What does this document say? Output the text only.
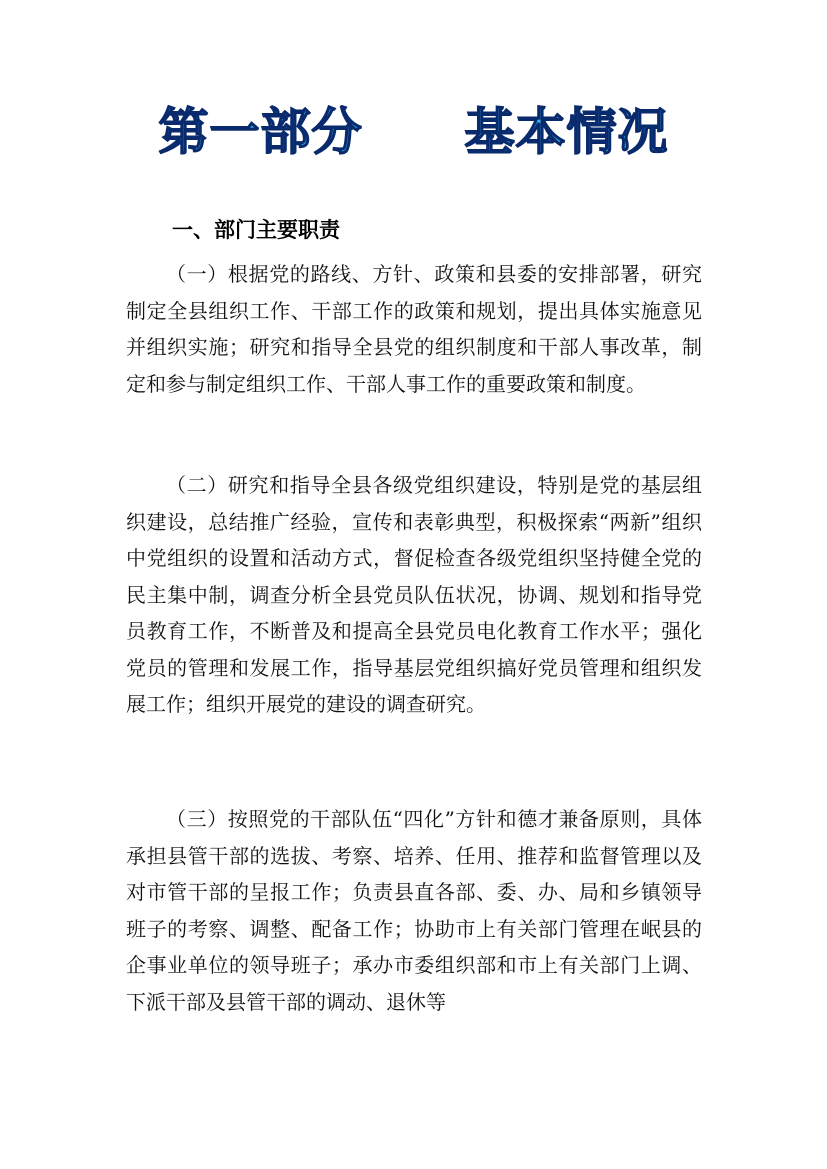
第一部分　　基本情况
一、部门主要职责
（一）根据党的路线、方针、政策和县委的安排部署，研究制定全县组织工作、干部工作的政策和规划，提出具体实施意见并组织实施；研究和指导全县党的组织制度和干部人事改革，制定和参与制定组织工作、干部人事工作的重要政策和制度。
（二）研究和指导全县各级党组织建设，特别是党的基层组织建设，总结推广经验，宣传和表彰典型，积极探索“两新”组织中党组织的设置和活动方式，督促检查各级党组织坚持健全党的民主集中制，调查分析全县党员队伍状况，协调、规划和指导党员教育工作，不断普及和提高全县党员电化教育工作水平；强化党员的管理和发展工作，指导基层党组织搞好党员管理和组织发展工作；组织开展党的建设的调查研究。
（三）按照党的干部队伍“四化”方针和德才兼备原则，具体承担县管干部的选拔、考察、培养、任用、推荐和监督管理以及对市管干部的呈报工作；负责县直各部、委、办、局和乡镇领导班子的考察、调整、配备工作；协助市上有关部门管理在岷县的企事业单位的领导班子；承办市委组织部和市上有关部门上调、下派干部及县管干部的调动、退休等
